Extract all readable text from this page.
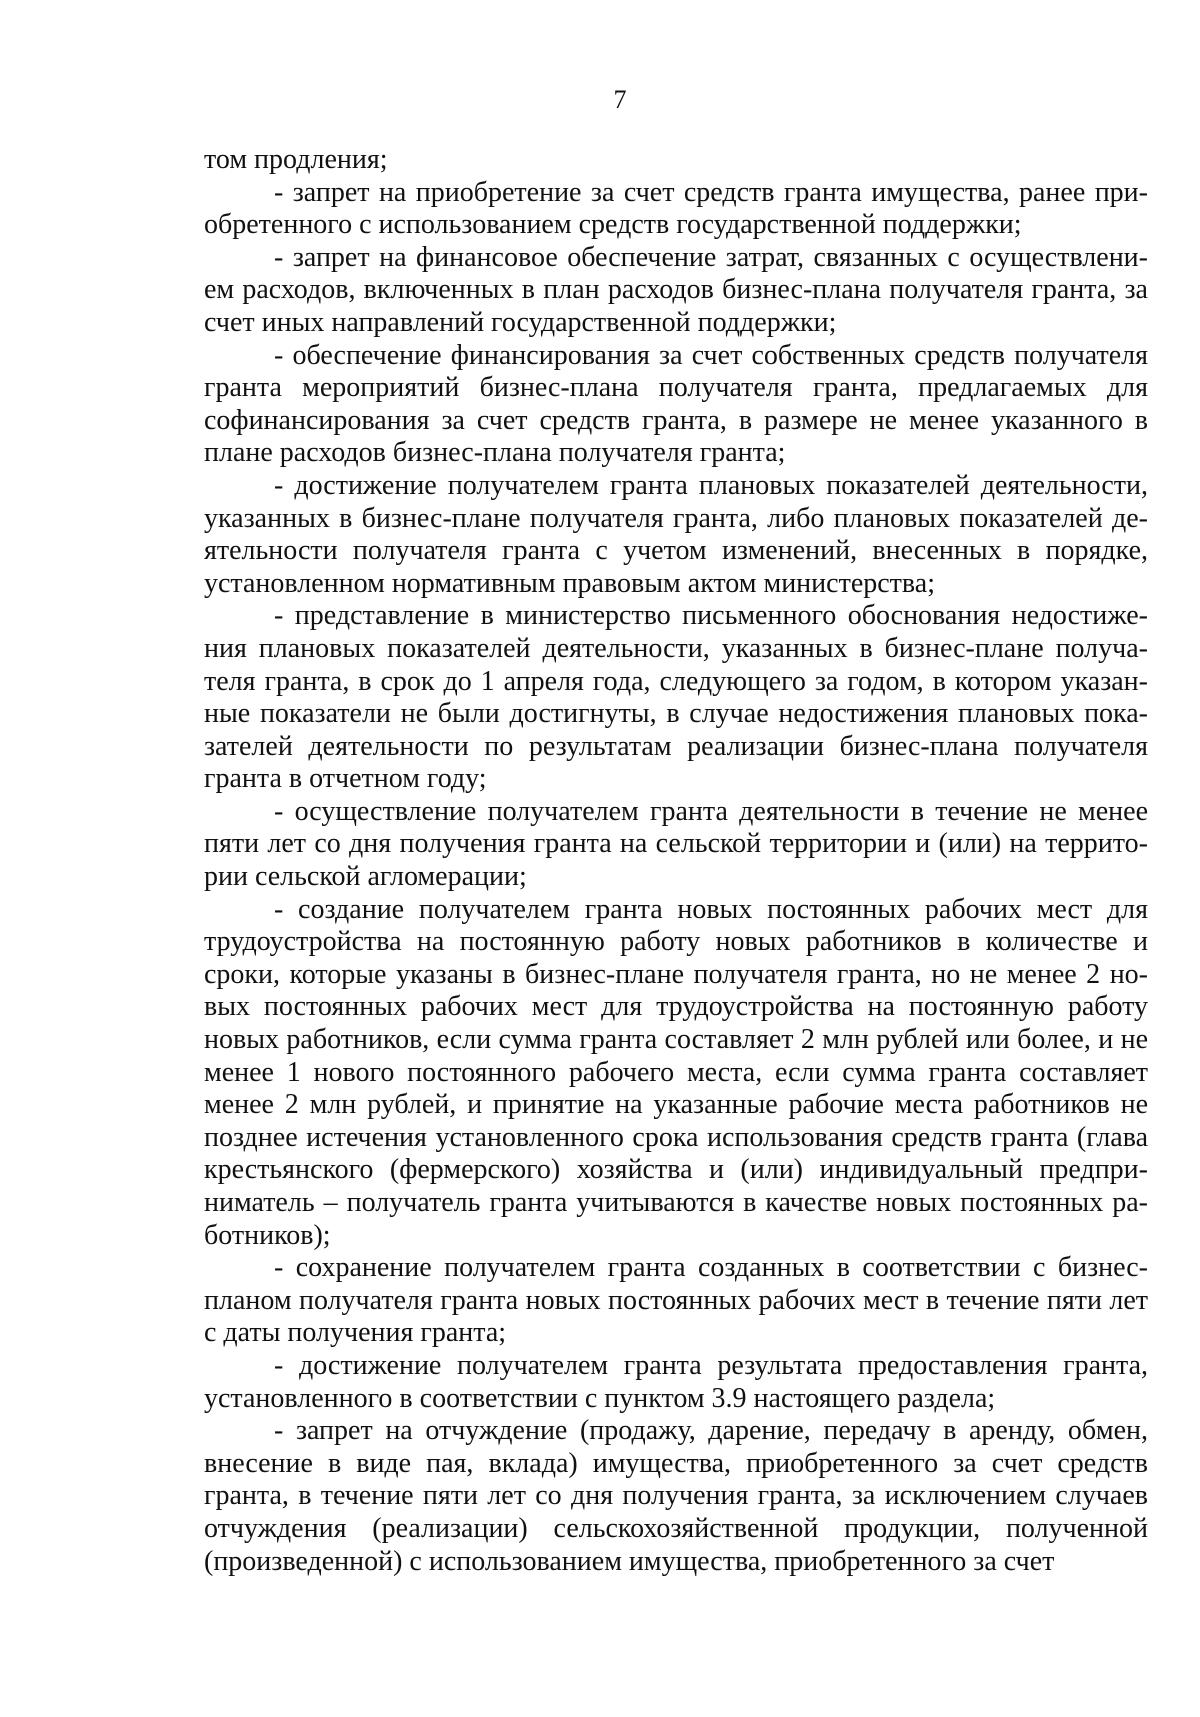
7

том продления;

- запрет на приобретение за счет средств гранта имущества, ранее приобретенного с использованием средств государственной поддержки;

- запрет на финансовое обеспечение затрат, связанных с осуществлением расходов, включенных в план расходов бизнес-плана получателя гранта, за счет иных направлений государственной поддержки;

- обеспечение финансирования за счет собственных средств получателя гранта мероприятий бизнес-плана получателя гранта, предлагаемых для софинансирования за счет средств гранта, в размере не менее указанного в плане расходов бизнес-плана получателя гранта;

- достижение получателем гранта плановых показателей деятельности, указанных в бизнес-плане получателя гранта, либо плановых показателей деятельности получателя гранта с учетом изменений, внесенных в порядке, установленном нормативным правовым актом министерства;

- представление в министерство письменного обоснования недостижения плановых показателей деятельности, указанных в бизнес-плане получателя гранта, в срок до 1 апреля года, следующего за годом, в котором указанные показатели не были достигнуты, в случае недостижения плановых показателей деятельности по результатам реализации бизнес-плана получателя гранта в отчетном году;

- осуществление получателем гранта деятельности в течение не менее пяти лет со дня получения гранта на сельской территории и (или) на территории сельской агломерации;

- создание получателем гранта новых постоянных рабочих мест для трудоустройства на постоянную работу новых работников в количестве и сроки, которые указаны в бизнес-плане получателя гранта, но не менее 2 новых постоянных рабочих мест для трудоустройства на постоянную работу новых работников, если сумма гранта составляет 2 млн рублей или более, и не менее 1 нового постоянного рабочего места, если сумма гранта составляет менее 2 млн рублей, и принятие на указанные рабочие места работников не позднее истечения установленного срока использования средств гранта (глава крестьянского (фермерского) хозяйства и (или) индивидуальный предприниматель – получатель гранта учитываются в качестве новых постоянных работников);

- сохранение получателем гранта созданных в соответствии с бизнес-планом получателя гранта новых постоянных рабочих мест в течение пяти лет с даты получения гранта;

- достижение получателем гранта результата предоставления гранта, установленного в соответствии с пунктом 3.9 настоящего раздела;

- запрет на отчуждение (продажу, дарение, передачу в аренду, обмен, внесение в виде пая, вклада) имущества, приобретенного за счет средств гранта, в течение пяти лет со дня получения гранта, за исключением случаев отчуждения (реализации) сельскохозяйственной продукции, полученной (произведенной) с использованием имущества, приобретенного за счет
